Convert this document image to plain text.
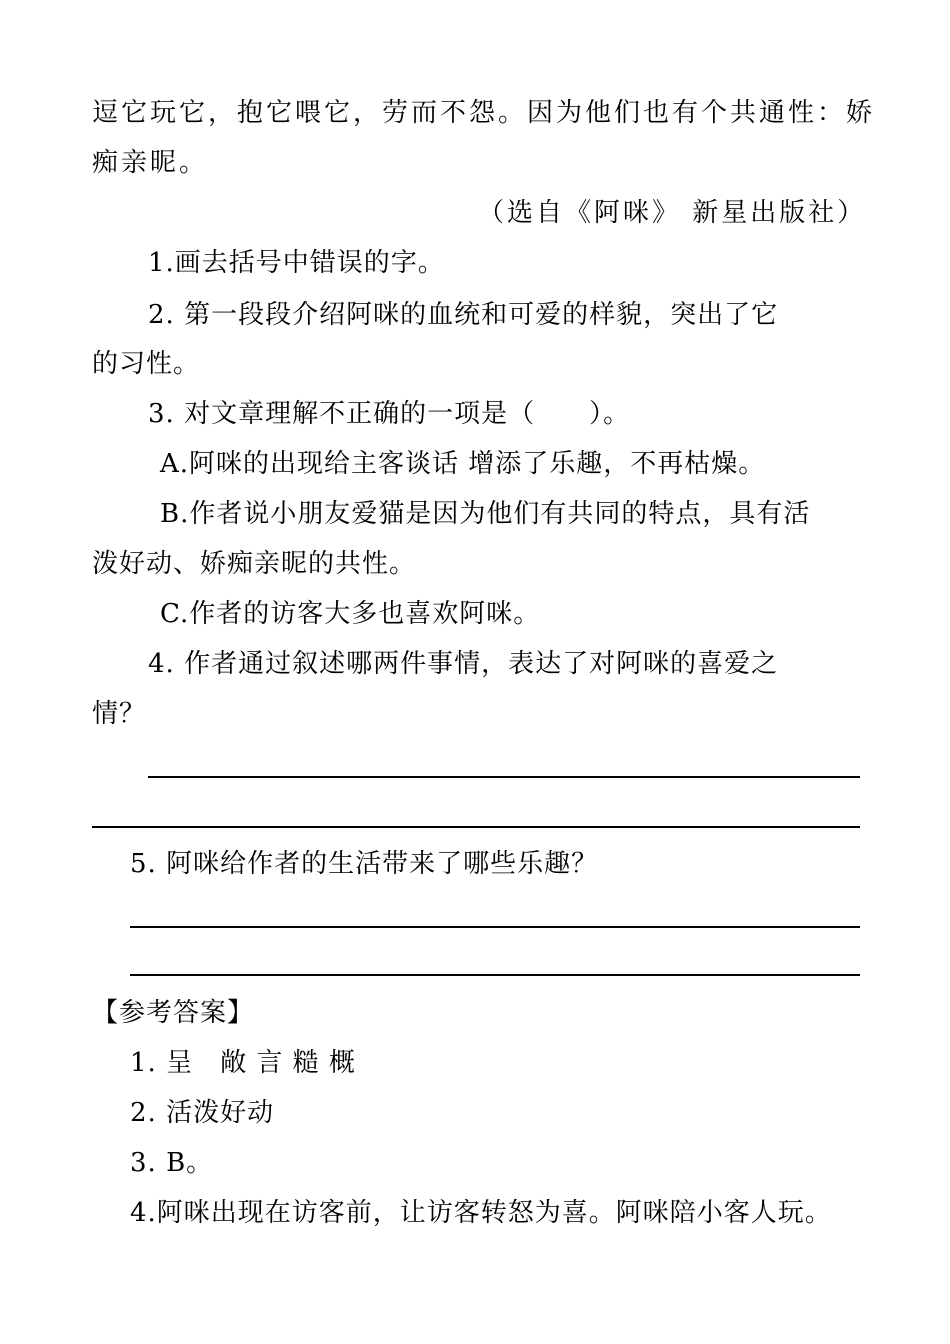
逗它玩它，抱它喂它，劳而不怨。因为他们也有个共通性：娇
痴亲昵。
（选自《阿咪》 新星出版社）
1.画去括号中错误的字。
2. 第一段段介绍阿咪的血统和可爱的样貌，突出了它
的习性。
3. 对文章理解不正确的一项是（　　）。
A.阿咪的出现给主客谈话 增添了乐趣，不再枯燥。
B.作者说小朋友爱猫是因为他们有共同的特点，具有活
泼好动、娇痴亲昵的共性。
C.作者的访客大多也喜欢阿咪。
4. 作者通过叙述哪两件事情，表达了对阿咪的喜爱之
情？
5. 阿咪给作者的生活带来了哪些乐趣？
【参考答案】
1. 呈　敞 言 糙 概
2. 活泼好动
3. B。
4.阿咪出现在访客前，让访客转怒为喜。阿咪陪小客人玩。
